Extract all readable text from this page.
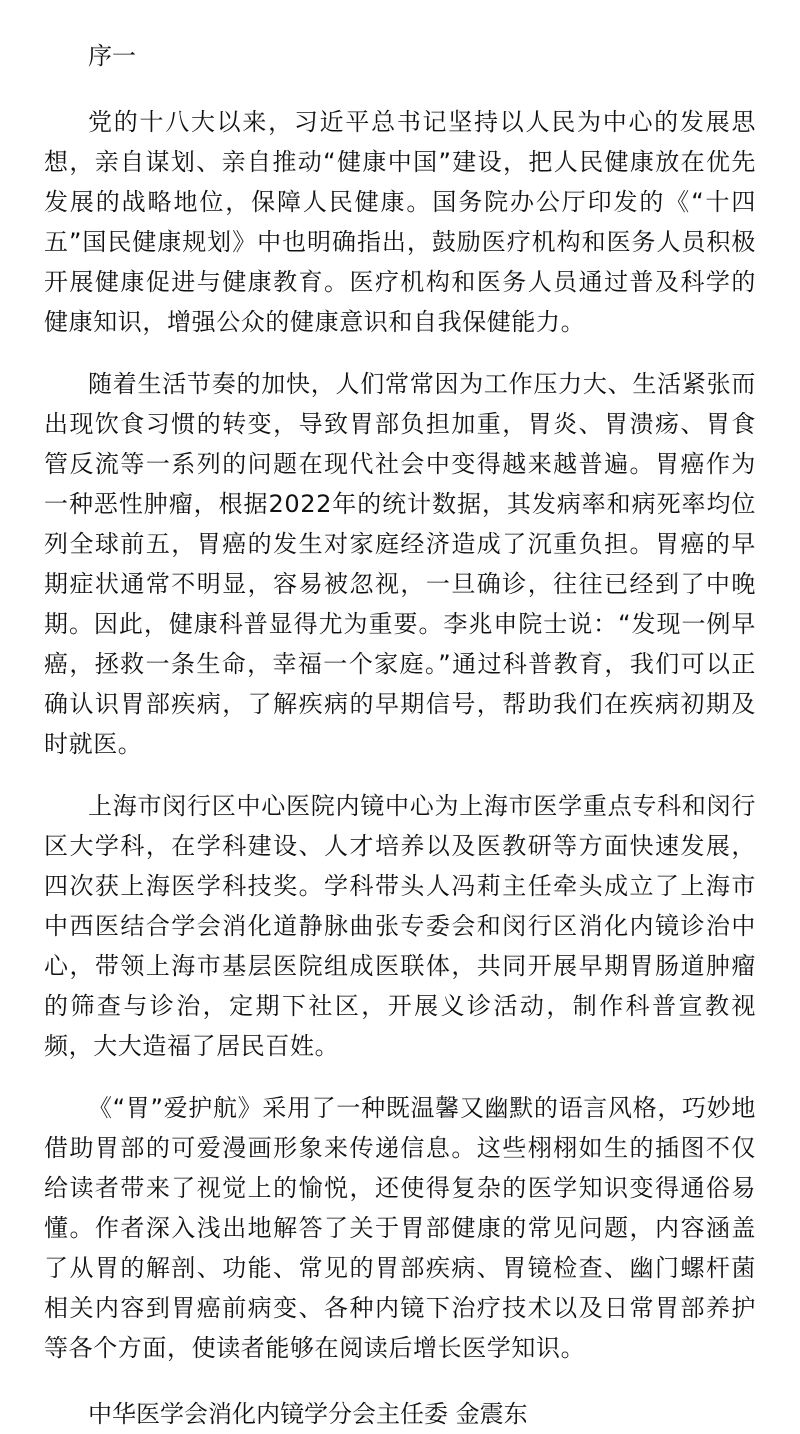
序一

党的十八大以来，习近平总书记坚持以人民为中心的发展思想，亲自谋划、亲自推动“健康中国”建设，把人民健康放在优先发展的战略地位，保障人民健康。国务院办公厅印发的《“十四五”国民健康规划》中也明确指出，鼓励医疗机构和医务人员积极开展健康促进与健康教育。医疗机构和医务人员通过普及科学的健康知识，增强公众的健康意识和自我保健能力。

随着生活节奏的加快，人们常常因为工作压力大、生活紧张而出现饮食习惯的转变，导致胃部负担加重，胃炎、胃溃疡、胃食管反流等一系列的问题在现代社会中变得越来越普遍。胃癌作为一种恶性肿瘤，根据2022年的统计数据，其发病率和病死率均位列全球前五，胃癌的发生对家庭经济造成了沉重负担。胃癌的早期症状通常不明显，容易被忽视，一旦确诊，往往已经到了中晚期。因此，健康科普显得尤为重要。李兆申院士说：“发现一例早癌，拯救一条生命，幸福一个家庭。”通过科普教育，我们可以正确认识胃部疾病，了解疾病的早期信号，帮助我们在疾病初期及时就医。

上海市闵行区中心医院内镜中心为上海市医学重点专科和闵行区大学科，在学科建设、人才培养以及医教研等方面快速发展，四次获上海医学科技奖。学科带头人冯莉主任牵头成立了上海市中西医结合学会消化道静脉曲张专委会和闵行区消化内镜诊治中心，带领上海市基层医院组成医联体，共同开展早期胃肠道肿瘤的筛查与诊治，定期下社区，开展义诊活动，制作科普宣教视频，大大造福了居民百姓。

《“胃”爱护航》采用了一种既温馨又幽默的语言风格，巧妙地借助胃部的可爱漫画形象来传递信息。这些栩栩如生的插图不仅给读者带来了视觉上的愉悦，还使得复杂的医学知识变得通俗易懂。作者深入浅出地解答了关于胃部健康的常见问题，内容涵盖了从胃的解剖、功能、常见的胃部疾病、胃镜检查、幽门螺杆菌相关内容到胃癌前病变、各种内镜下治疗技术以及日常胃部养护等各个方面，使读者能够在阅读后增长医学知识。

中华医学会消化内镜学分会主任委 金震东
